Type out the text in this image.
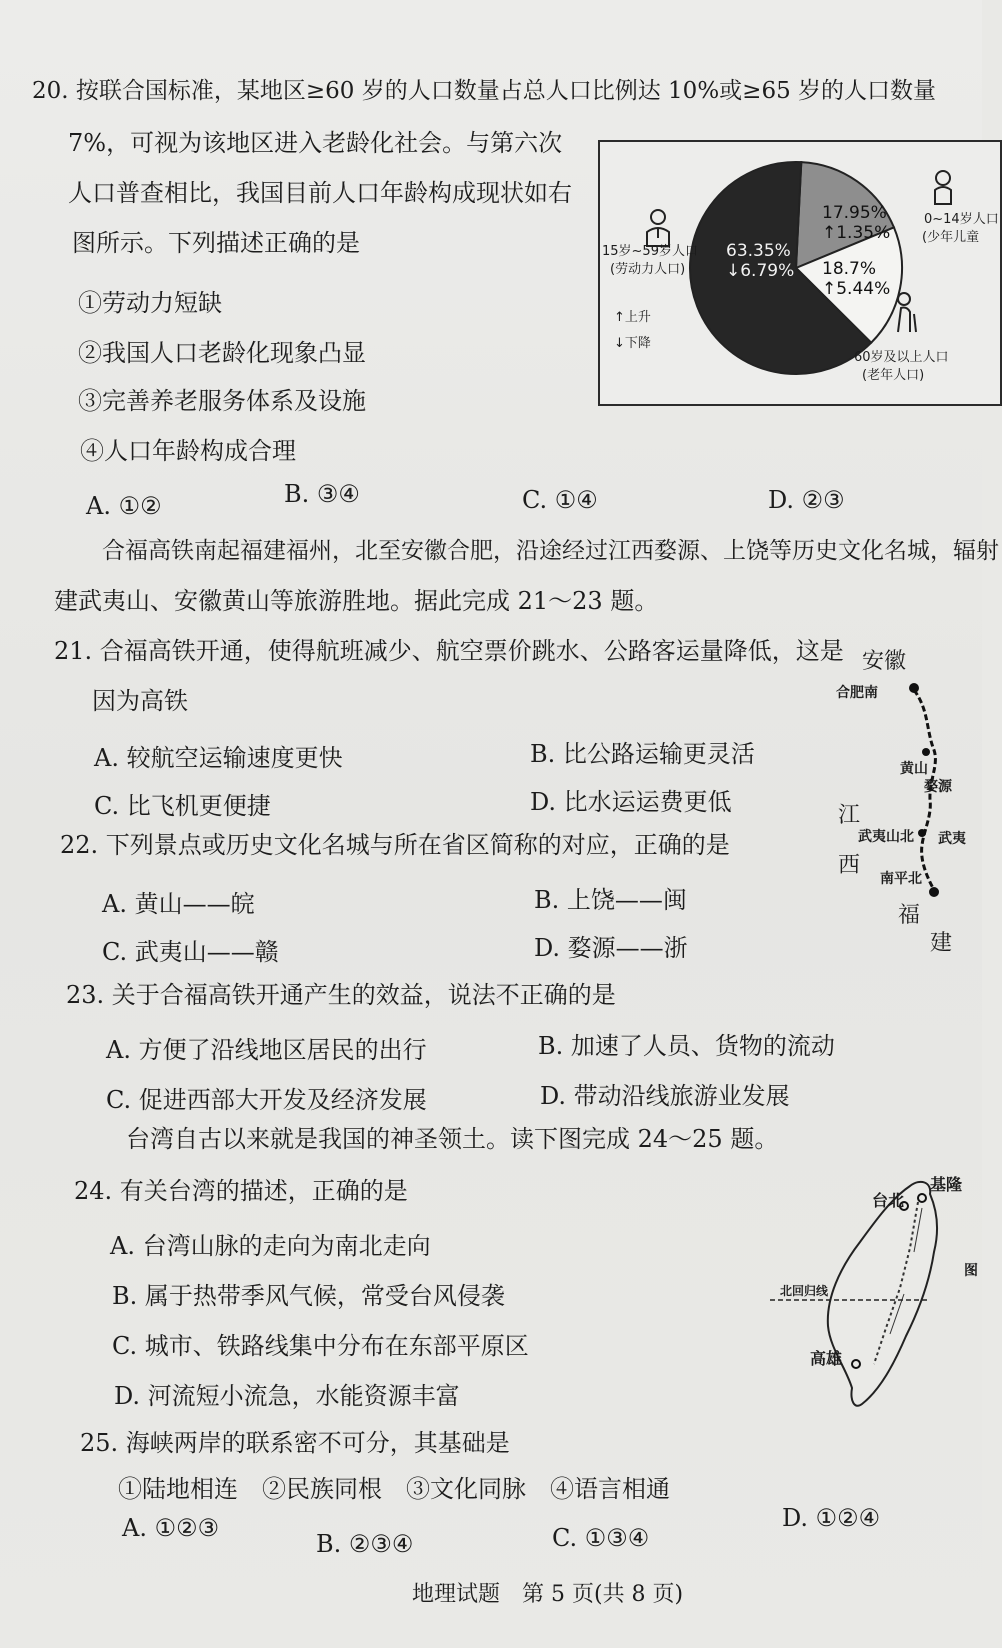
20. 按联合国标准，某地区≥60 岁的人口数量占总人口比例达 10%或≥65 岁的人口数量
7%，可视为该地区进入老龄化社会。与第六次
人口普查相比，我国目前人口年龄构成现状如右
图所示。下列描述正确的是
①劳动力短缺
②我国人口老龄化现象凸显
③完善养老服务体系及设施
④人口年龄构成合理
A. ①②	B. ③④	C. ①④	D. ②③
15岁~59岁人口
(劳动力人口)
0~14岁人口
(少年儿童
60岁及以上人口
(老年人口)
↑上升
↓下降
63.35%
↓6.79%
17.95%
↑1.35%
18.7%
↑5.44%
合福高铁南起福建福州，北至安徽合肥，沿途经过江西婺源、上饶等历史文化名城，辐射
建武夷山、安徽黄山等旅游胜地。据此完成 21～23 题。
21. 合福高铁开通，使得航班减少、航空票价跳水、公路客运量降低，这是
因为高铁
A. 较航空运输速度更快	B. 比公路运输更灵活
C. 比飞机更便捷	D. 比水运运费更低
22. 下列景点或历史文化名城与所在省区简称的对应，正确的是
A. 黄山——皖	B. 上饶——闽
C. 武夷山——赣	D. 婺源——浙
安徽
合肥南
黄山
婺源
江
武夷山北 武夷
西
南平北
福
建
23. 关于合福高铁开通产生的效益，说法不正确的是
A. 方便了沿线地区居民的出行	B. 加速了人员、货物的流动
C. 促进西部大开发及经济发展	D. 带动沿线旅游业发展
台湾自古以来就是我国的神圣领土。读下图完成 24～25 题。
24. 有关台湾的描述，正确的是
A. 台湾山脉的走向为南北走向
B. 属于热带季风气候，常受台风侵袭
C. 城市、铁路线集中分布在东部平原区
D. 河流短小流急，水能资源丰富
基隆
台北
北回归线
高雄
图
25. 海峡两岸的联系密不可分，其基础是
①陆地相连　②民族同根　③文化同脉　④语言相通
A. ①②③
B. ②③④	C. ①③④
D. ①②④
地理试题　第 5 页(共 8 页)
